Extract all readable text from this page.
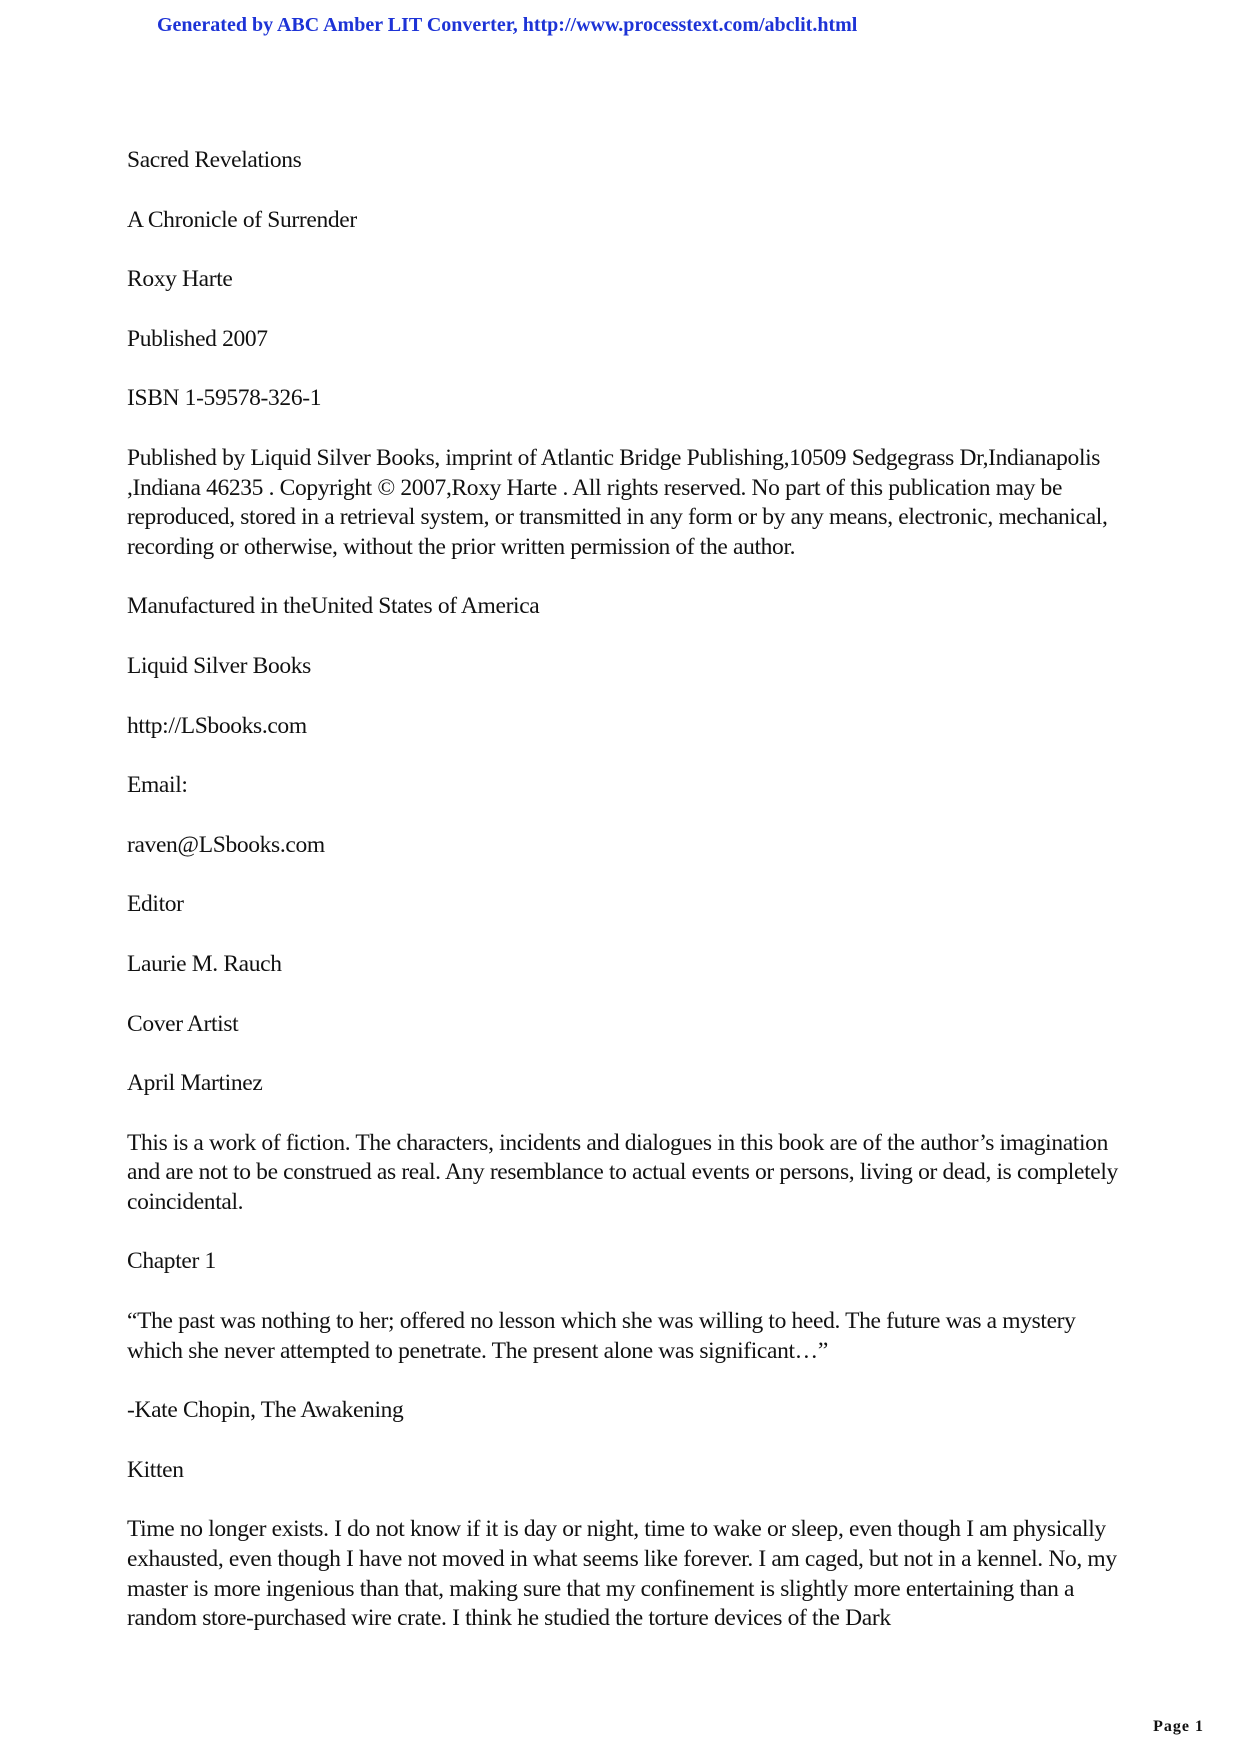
Generated by ABC Amber LIT Converter, http://www.processtext.com/abclit.html

Sacred Revelations

A Chronicle of Surrender

Roxy Harte

Published 2007

ISBN 1-59578-326-1

Published by Liquid Silver Books, imprint of Atlantic Bridge Publishing,10509 Sedgegrass Dr,Indianapolis ,Indiana 46235 . Copyright © 2007,Roxy Harte . All rights reserved. No part of this publication may be reproduced, stored in a retrieval system, or transmitted in any form or by any means, electronic, mechanical, recording or otherwise, without the prior written permission of the author.

Manufactured in theUnited States of America

Liquid Silver Books

http://LSbooks.com

Email:

raven@LSbooks.com

Editor

Laurie M. Rauch

Cover Artist

April Martinez

This is a work of fiction. The characters, incidents and dialogues in this book are of the author’s imagination and are not to be construed as real. Any resemblance to actual events or persons, living or dead, is completely coincidental.

Chapter 1

“The past was nothing to her; offered no lesson which she was willing to heed. The future was a mystery which she never attempted to penetrate. The present alone was significant…”

-Kate Chopin, The Awakening

Kitten

Time no longer exists. I do not know if it is day or night, time to wake or sleep, even though I am physically exhausted, even though I have not moved in what seems like forever. I am caged, but not in a kennel. No, my master is more ingenious than that, making sure that my confinement is slightly more entertaining than a random store-purchased wire crate. I think he studied the torture devices of the Dark

Page 1
